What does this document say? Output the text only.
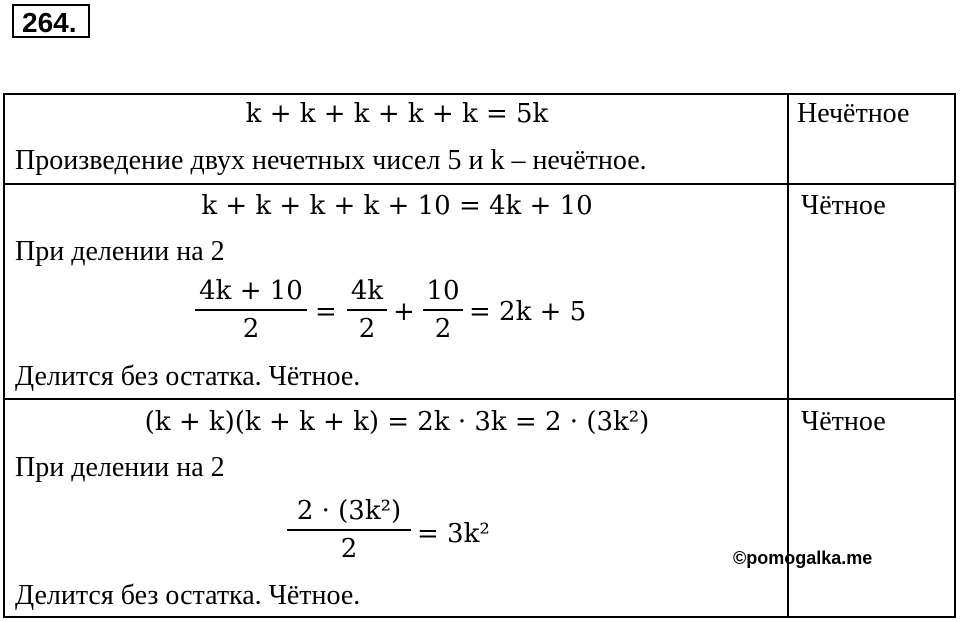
264.
k + k + k + k + k = 5k
Произведение двух нечетных чисел 5 и k – нечётное.
Нечётное
k + k + k + k + 10 = 4k + 10
При делении на 2
4k + 10
2
=
4k
2
+
10
2
= 2k + 5
Делится без остатка. Чётное.
Чётное
(k + k)(k + k + k) = 2k · 3k = 2 · (3k²)
При делении на 2
2 · (3k²)
2	= 3k²
Делится без остатка. Чётное.
Чётное
©pomogalka.me
